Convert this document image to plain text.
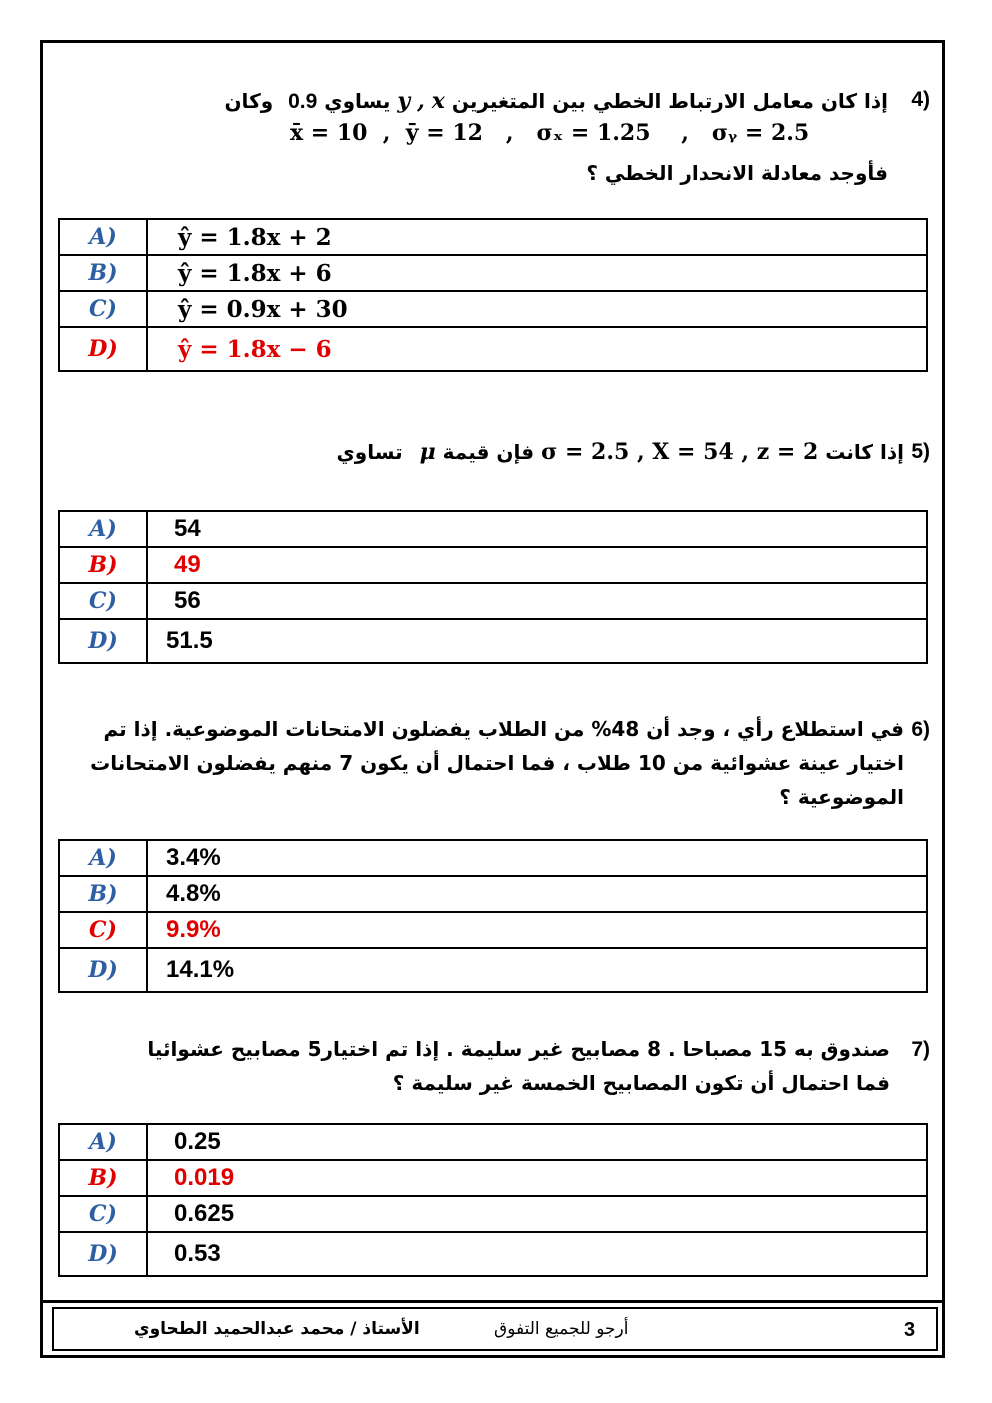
4)
إذا كان معامل الارتباط الخطي بين المتغيرين x , y يساوي 0.9 وكان
x̄ = 10  ,  ȳ = 12   ,   σₓ = 1.25    ,   σᵧ = 2.5
فأوجد معادلة الانحدار الخطي ؟
A)	ŷ = 1.8x + 2
B)	ŷ = 1.8x + 6
C)	ŷ = 0.9x + 30
D)	ŷ = 1.8x − 6
5)
إذا كانت σ = 2.5 , X = 54 , z = 2 فإن قيمة μ تساوي
A)	54
B)	49
C)	56
D)	51.5
6)
في استطلاع رأي ، وجد أن 48% من الطلاب يفضلون الامتحانات الموضوعية. إذا تم
اختيار عينة عشوائية من 10 طلاب ، فما احتمال أن يكون 7 منهم يفضلون الامتحانات
الموضوعية ؟
A)	3.4%
B)	4.8%
C)	9.9%
D)	14.1%
7)
صندوق به 15 مصباحا . 8 مصابيح غير سليمة . إذا تم اختيار5 مصابيح عشوائيا
فما احتمال أن تكون المصابيح الخمسة غير سليمة ؟
A)	0.25
B)	0.019
C)	0.625
D)	0.53
3
أرجو للجميع التفوق
الأستاذ / محمد عبدالحميد الطحاوي
